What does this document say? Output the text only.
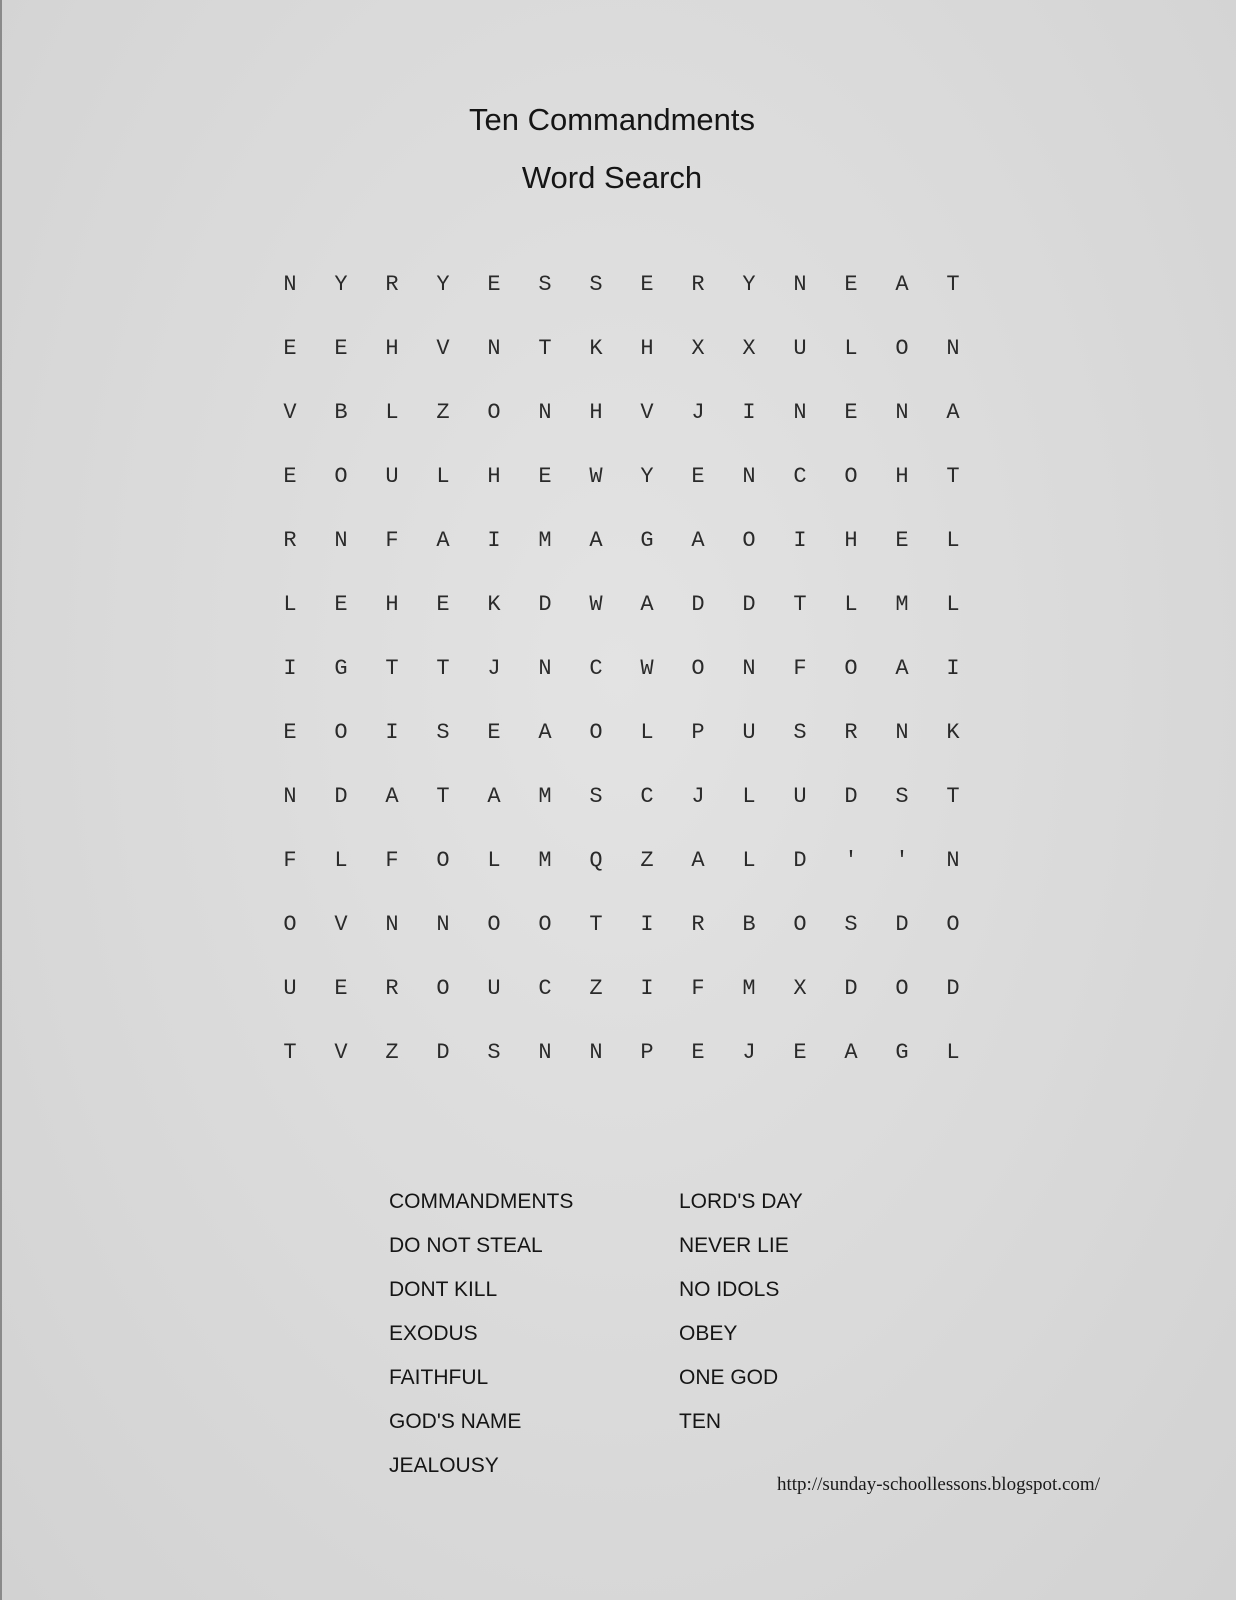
Ten Commandments
Word Search
N	Y	R	Y	E	S	S	E	R	Y	N	E	A	T
E	E	H	V	N	T	K	H	X	X	U	L	O	N
V	B	L	Z	O	N	H	V	J	I	N	E	N	A
E	O	U	L	H	E	W	Y	E	N	C	O	H	T
R	N	F	A	I	M	A	G	A	O	I	H	E	L
L	E	H	E	K	D	W	A	D	D	T	L	M	L
I	G	T	T	J	N	C	W	O	N	F	O	A	I
E	O	I	S	E	A	O	L	P	U	S	R	N	K
N	D	A	T	A	M	S	C	J	L	U	D	S	T
F	L	F	O	L	M	Q	Z	A	L	D	'	'	N
O	V	N	N	O	O	T	I	R	B	O	S	D	O
U	E	R	O	U	C	Z	I	F	M	X	D	O	D
T	V	Z	D	S	N	N	P	E	J	E	A	G	L
COMMANDMENTS
DO NOT STEAL
DONT KILL
EXODUS
FAITHFUL
GOD'S NAME
JEALOUSY
LORD'S DAY
NEVER LIE
NO IDOLS
OBEY
ONE GOD
TEN
http://sunday-schoollessons.blogspot.com/
